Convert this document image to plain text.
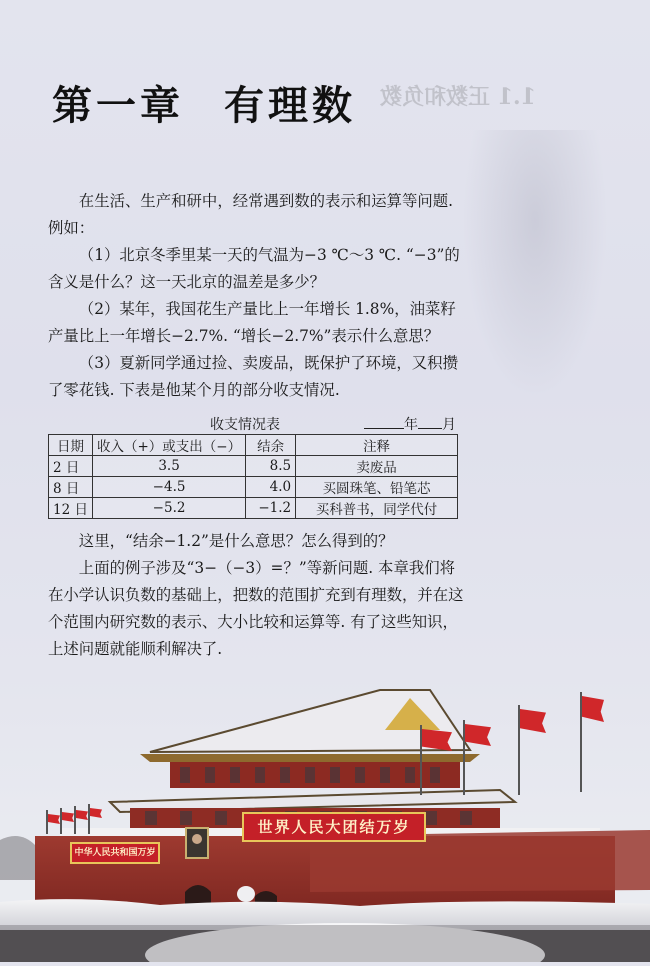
1.1 正数和负数
第一章 有理数

在生活、生产和研中，经常遇到数的表示和运算等问题. 例如：

（1）北京冬季里某一天的气温为−3 ℃～3 ℃. “−3”的含义是什么？这一天北京的温差是多少？

（2）某年，我国花生产量比上一年增长 1.8%，油菜籽产量比上一年增长−2.7%. “增长−2.7%”表示什么意思？

（3）夏新同学通过捡、卖废品，既保护了环境，又积攒了零花钱. 下表是他某个月的部分收支情况.

收支情况表	年 月
日期	收入（+）或支出（−）	结余	注释
2 日	3.5	8.5	卖废品
8 日	−4.5	4.0	买圆珠笔、铅笔芯
12 日	−5.2	−1.2	买科普书，同学代付

这里，“结余−1.2”是什么意思？怎么得到的？

上面的例子涉及“3−（−3）=？”等新问题. 本章我们将在小学认识负数的基础上，把数的范围扩充到有理数，并在这个范围内研究数的表示、大小比较和运算等. 有了这些知识，上述问题就能顺利解决了.

世界人民大团结万岁
中华人民共和国万岁
